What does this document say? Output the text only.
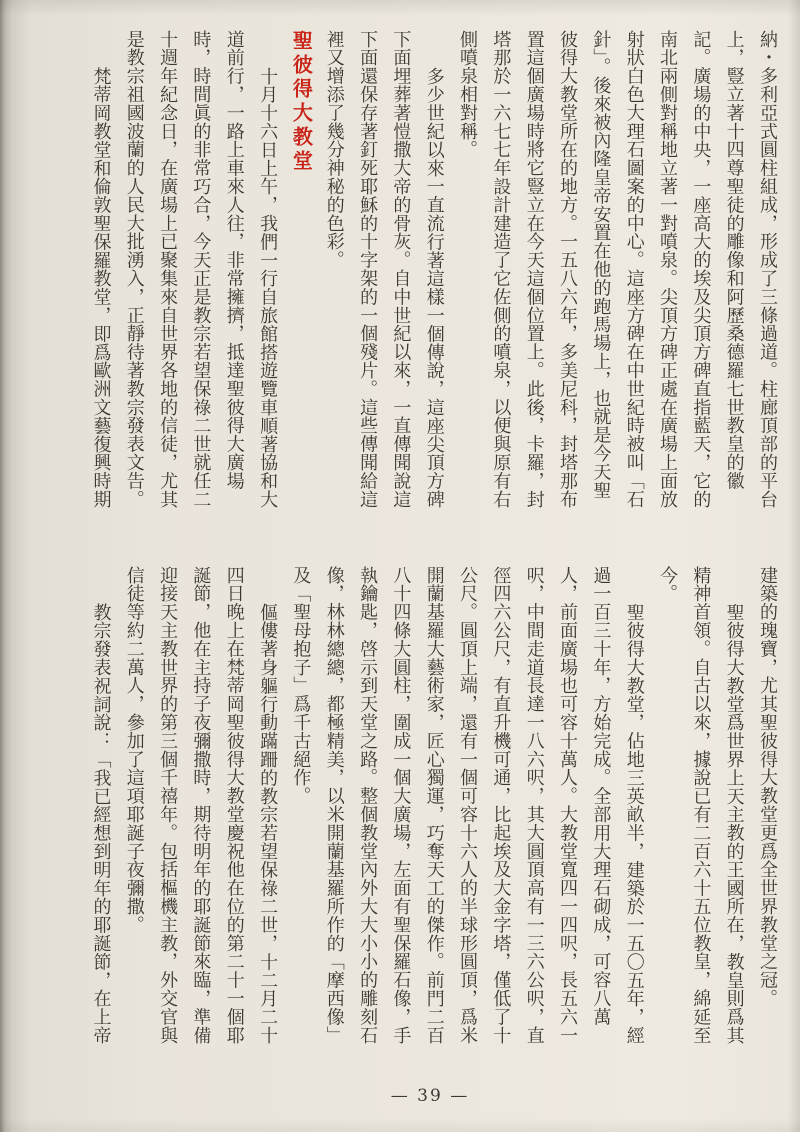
納・多利亞式圓柱組成，形成了三條過道。柱廊頂部的平台
上，豎立著十四尊聖徒的雕像和阿歷桑德羅七世教皇的徽
記。廣場的中央，一座高大的埃及尖頂方碑直指藍天，它的
南北兩側對稱地立著一對噴泉。尖頂方碑正處在廣場上面放
射狀白色大理石圖案的中心。這座方碑在中世紀時被叫「石
針」。後來被內隆皇帝安置在他的跑馬場上，也就是今天聖
彼得大教堂所在的地方。一五八六年，多美尼科，封塔那布
置這個廣場時將它豎立在今天這個位置上。此後，卡羅，封
塔那於一六七七年設計建造了它佐側的噴泉，以便與原有右
側噴泉相對稱。
多少世紀以來一直流行著這樣一個傳說，這座尖頂方碑
下面埋葬著愷撒大帝的骨灰。自中世紀以來，一直傳聞說這
下面還保存著釘死耶穌的十字架的一個殘片。這些傳聞給這
裡又增添了幾分神秘的色彩。
聖彼得大教堂
十月十六日上午，我們一行自旅館搭遊覽車順著協和大
道前行，一路上車來人往，非常擁擠，抵達聖彼得大廣場
時，時間眞的非常巧合，今天正是教宗若望保祿二世就任二
十週年紀念日，在廣場上已聚集來自世界各地的信徒，尤其
是教宗祖國波蘭的人民大批湧入，正靜待著教宗發表文告。
梵蒂岡教堂和倫敦聖保羅教堂，即爲歐洲文藝復興時期
建築的瑰寶，尤其聖彼得大教堂更爲全世界教堂之冠。
聖彼得大教堂爲世界上天主教的王國所在，教皇則爲其
精神首領。自古以來，據說已有二百六十五位教皇，綿延至
今。
聖彼得大教堂，佔地三英畝半，建築於一五〇五年，經
過一百三十年，方始完成。全部用大理石砌成，可容八萬
人，前面廣場也可容十萬人。大教堂寬四一四呎，長五六一
呎，中間走道長達一八六呎，其大圓頂高有一三六公呎，直
徑四六公尺，有直升機可通，比起埃及大金字塔，僅低了十
公尺。圓頂上端，還有一個可容十六人的半球形圓頂，爲米
開蘭基羅大藝術家，匠心獨運，巧奪天工的傑作。前門二百
八十四條大圓柱，圍成一個大廣場，左面有聖保羅石像，手
執鑰匙，啓示到天堂之路。整個教堂內外大大小小的雕刻石
像，林林總總，都極精美，以米開蘭基羅所作的「摩西像」
及「聖母抱子」爲千古絕作。
傴僂著身軀行動蹣跚的教宗若望保祿二世，十二月二十
四日晚上在梵蒂岡聖彼得大教堂慶祝他在位的第二十一個耶
誕節，他在主持子夜彌撒時，期待明年的耶誕節來臨，準備
迎接天主教世界的第三個千禧年。包括樞機主教，外交官與
信徒等約二萬人，參加了這項耶誕子夜彌撒。
教宗發表祝詞說：「我已經想到明年的耶誕節，在上帝
— 39 —
